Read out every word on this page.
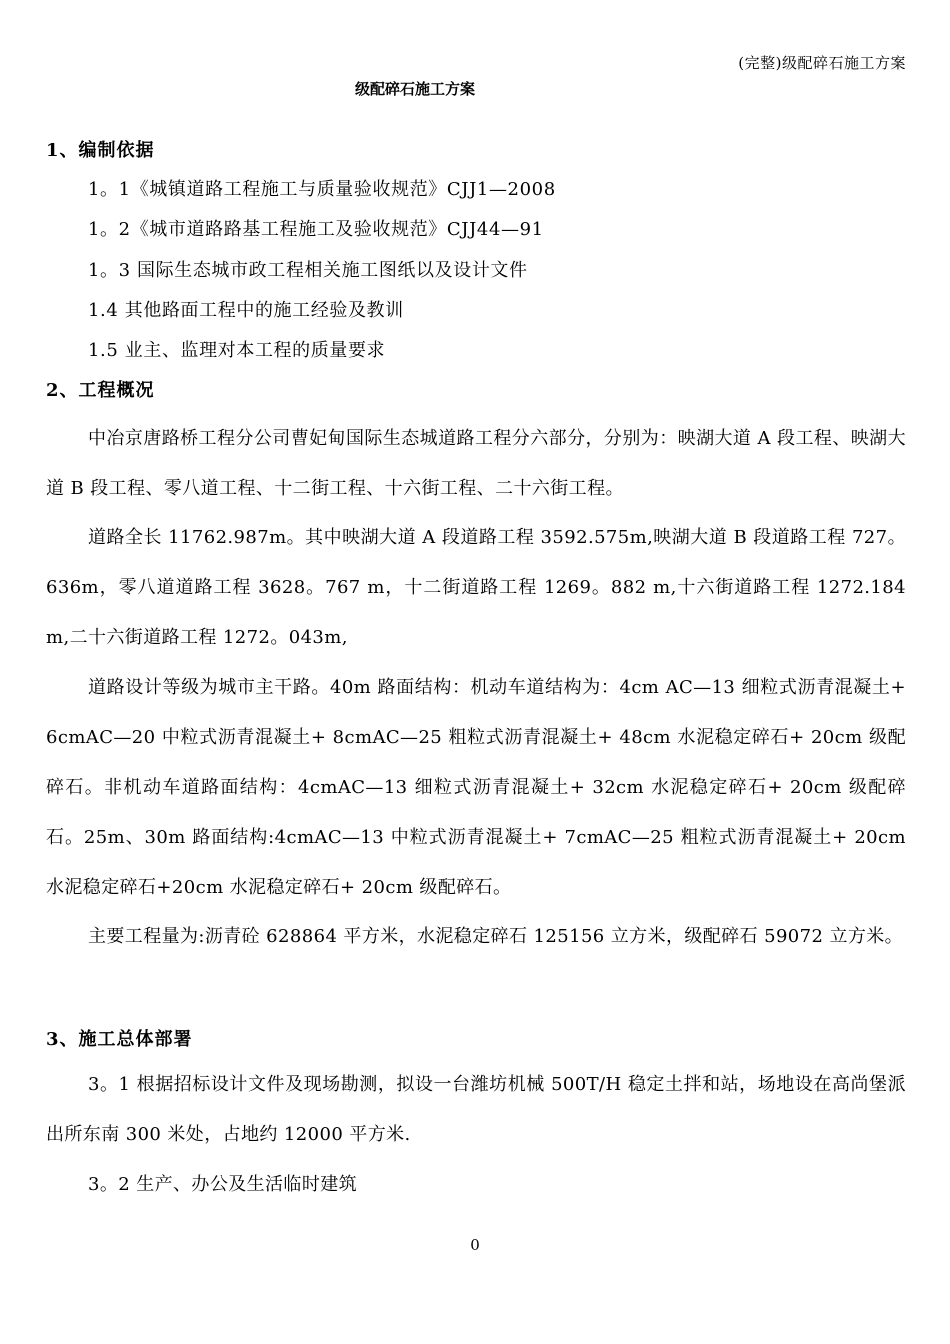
(完整)级配碎石施工方案
级配碎石施工方案
1、编制依据
1。1《城镇道路工程施工与质量验收规范》CJJ1—2008
1。2《城市道路路基工程施工及验收规范》CJJ44—91
1。3 国际生态城市政工程相关施工图纸以及设计文件
1.4 其他路面工程中的施工经验及教训
1.5 业主、监理对本工程的质量要求
2、工程概况
中冶京唐路桥工程分公司曹妃甸国际生态城道路工程分六部分，分别为：映湖大道 A 段工程、映湖大道 B 段工程、零八道工程、十二街工程、十六街工程、二十六街工程。
道路全长 11762.987m。其中映湖大道 A 段道路工程 3592.575m,映湖大道 B 段道路工程 727。636m，零八道道路工程 3628。767 m，十二街道路工程 1269。882 m,十六街道路工程 1272.184m,二十六街道路工程 1272。043m,
道路设计等级为城市主干路。40m 路面结构：机动车道结构为：4cm AC—13 细粒式沥青混凝土+ 6cmAC—20 中粒式沥青混凝土+ 8cmAC—25 粗粒式沥青混凝土+ 48cm 水泥稳定碎石+ 20cm 级配碎石。非机动车道路面结构：4cmAC—13 细粒式沥青混凝土+ 32cm 水泥稳定碎石+ 20cm 级配碎石。25m、30m 路面结构:4cmAC—13 中粒式沥青混凝土+ 7cmAC—25 粗粒式沥青混凝土+ 20cm 水泥稳定碎石+20cm 水泥稳定碎石+ 20cm 级配碎石。
主要工程量为:沥青砼 628864 平方米，水泥稳定碎石 125156 立方米，级配碎石 59072 立方米。
3、施工总体部署
3。1 根据招标设计文件及现场勘测，拟设一台潍坊机械 500T/H 稳定土拌和站，场地设在高尚堡派出所东南 300 米处，占地约 12000 平方米.
3。2 生产、办公及生活临时建筑
0
